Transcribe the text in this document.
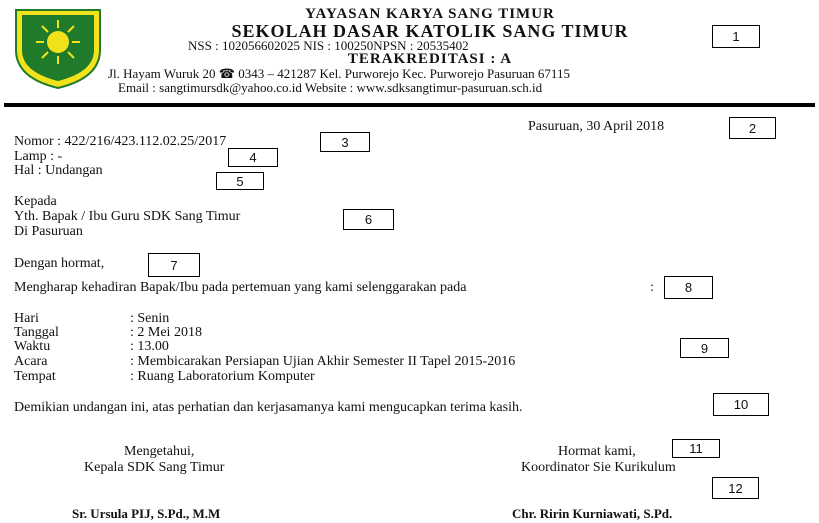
YAYASAN KARYA SANG TIMUR
SEKOLAH DASAR KATOLIK SANG TIMUR
NSS : 102056602025 NIS : 100250NPSN : 20535402
TERAKREDITASI : A
Jl. Hayam Wuruk 20 ☎ 0343 – 421287 Kel. Purworejo Kec. Purworejo Pasuruan 67115
Email : sangtimursdk@yahoo.co.id Website : www.sdksangtimur-pasuruan.sch.id
Pasuruan, 30 April 2018
Nomor : 422/216/423.112.02.25/2017
Lamp : -
Hal : Undangan
Kepada
Yth. Bapak / Ibu Guru SDK Sang Timur
Di Pasuruan
Dengan hormat,
Mengharap kehadiran Bapak/Ibu pada pertemuan yang kami selenggarakan pada	:
Hari	: Senin
Tanggal	: 2 Mei 2018
Waktu	: 13.00
Acara	: Membicarakan Persiapan Ujian Akhir Semester II Tapel 2015-2016
Tempat	: Ruang Laboratorium Komputer
Demikian undangan ini, atas perhatian dan kerjasamanya kami mengucapkan terima kasih.
Mengetahui,
Kepala SDK Sang Timur
Sr. Ursula PIJ, S.Pd., M.M
Hormat kami,
Koordinator Sie Kurikulum
Chr. Ririn Kurniawati, S.Pd.
1
2
3
4
5
6
7
8
9
10
11
12
